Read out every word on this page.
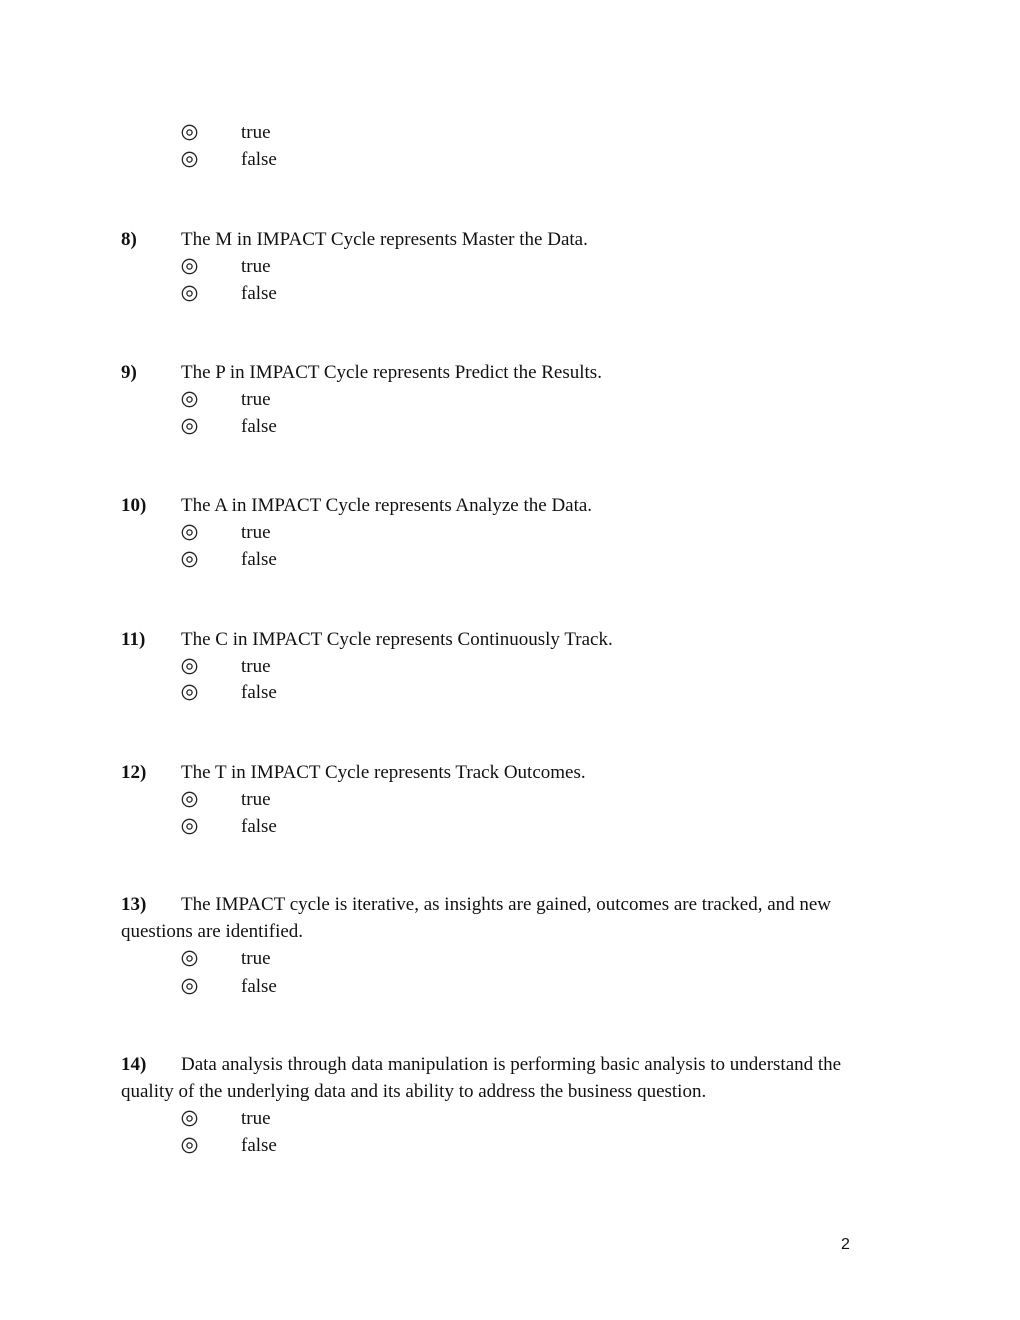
true
false
8) The M in IMPACT Cycle represents Master the Data.
true
false
9) The P in IMPACT Cycle represents Predict the Results.
true
false
10) The A in IMPACT Cycle represents Analyze the Data.
true
false
11) The C in IMPACT Cycle represents Continuously Track.
true
false
12) The T in IMPACT Cycle represents Track Outcomes.
true
false
13) The IMPACT cycle is iterative, as insights are gained, outcomes are tracked, and new questions are identified.
true
false
14) Data analysis through data manipulation is performing basic analysis to understand the quality of the underlying data and its ability to address the business question.
true
false
2
